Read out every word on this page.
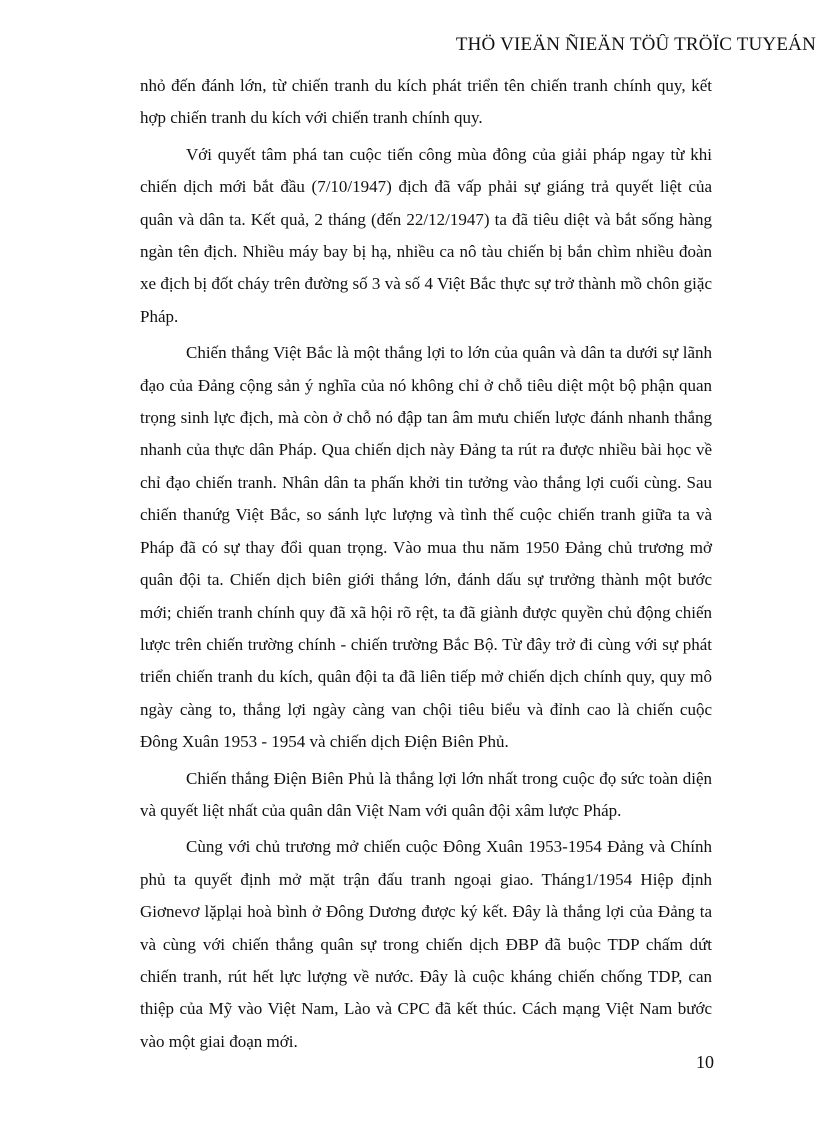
THÖ VIEÄN ÑIEÄN TÖÛ TRÖÏC TUYEÁN

nhỏ đến đánh lớn, từ chiến tranh du kích phát triển tên chiến tranh chính quy, kết hợp chiến tranh du kích với chiến tranh chính quy.

Với quyết tâm phá tan cuộc tiến công mùa đông của giải pháp ngay từ khi chiến dịch mới bắt đầu (7/10/1947) địch đã vấp phải sự giáng trả quyết liệt của quân và dân ta. Kết quả, 2 tháng (đến 22/12/1947) ta đã tiêu diệt và bắt sống hàng ngàn tên địch. Nhiều máy bay bị hạ, nhiều ca nô tàu chiến bị bắn chìm nhiều đoàn xe địch bị đốt cháy trên đường số 3 và số 4 Việt Bắc thực sự trở thành mồ chôn giặc Pháp.

Chiến thắng Việt Bắc là một thắng lợi to lớn của quân và dân ta dưới sự lãnh đạo của Đảng cộng sản ý nghĩa của nó không chỉ ở chỗ tiêu diệt một bộ phận quan trọng sinh lực địch, mà còn ở chỗ nó đập tan âm mưu chiến lược đánh nhanh thắng nhanh của thực dân Pháp. Qua chiến dịch này Đảng ta rút ra được nhiều bài học về chỉ đạo chiến tranh. Nhân dân ta phấn khởi tin tưởng vào thắng lợi cuối cùng. Sau chiến thanứg Việt Bắc, so sánh lực lượng và tình thế cuộc chiến tranh giữa ta và Pháp đã có sự thay đổi quan trọng. Vào mua thu năm 1950 Đảng chủ trương mở quân đội ta. Chiến dịch biên giới thắng lớn, đánh dấu sự trưởng thành một bước mới; chiến tranh chính quy đã xã hội rõ rệt, ta đã giành được quyền chủ động chiến lược trên chiến trường chính - chiến trường Bắc Bộ. Từ đây trở đi cùng với sự phát triển chiến tranh du kích, quân đội ta đã liên tiếp mở chiến dịch chính quy, quy mô ngày càng to, thắng lợi ngày càng van chội tiêu biểu và đỉnh cao là chiến cuộc Đông Xuân 1953 - 1954 và chiến dịch Điện Biên Phủ.

Chiến thắng Điện Biên Phủ là thắng lợi lớn nhất trong cuộc đọ sức toàn diện và quyết liệt nhất của quân dân Việt Nam với quân đội xâm lược Pháp.

Cùng với chủ trương mở chiến cuộc Đông Xuân 1953-1954 Đảng và Chính phủ ta quyết định mở mặt trận đấu tranh ngoại giao. Tháng1/1954 Hiệp định Giơnevơ lặplại hoà bình ở Đông Dương được ký kết. Đây là thắng lợi của Đảng ta và cùng với chiến thắng quân sự trong chiến dịch ĐBP đã buộc TDP chấm dứt chiến tranh, rút hết lực lượng về nước. Đây là cuộc kháng chiến chống TDP, can thiệp của Mỹ vào Việt Nam, Lào và CPC đã kết thúc. Cách mạng Việt Nam bước vào một giai đoạn mới.

10
